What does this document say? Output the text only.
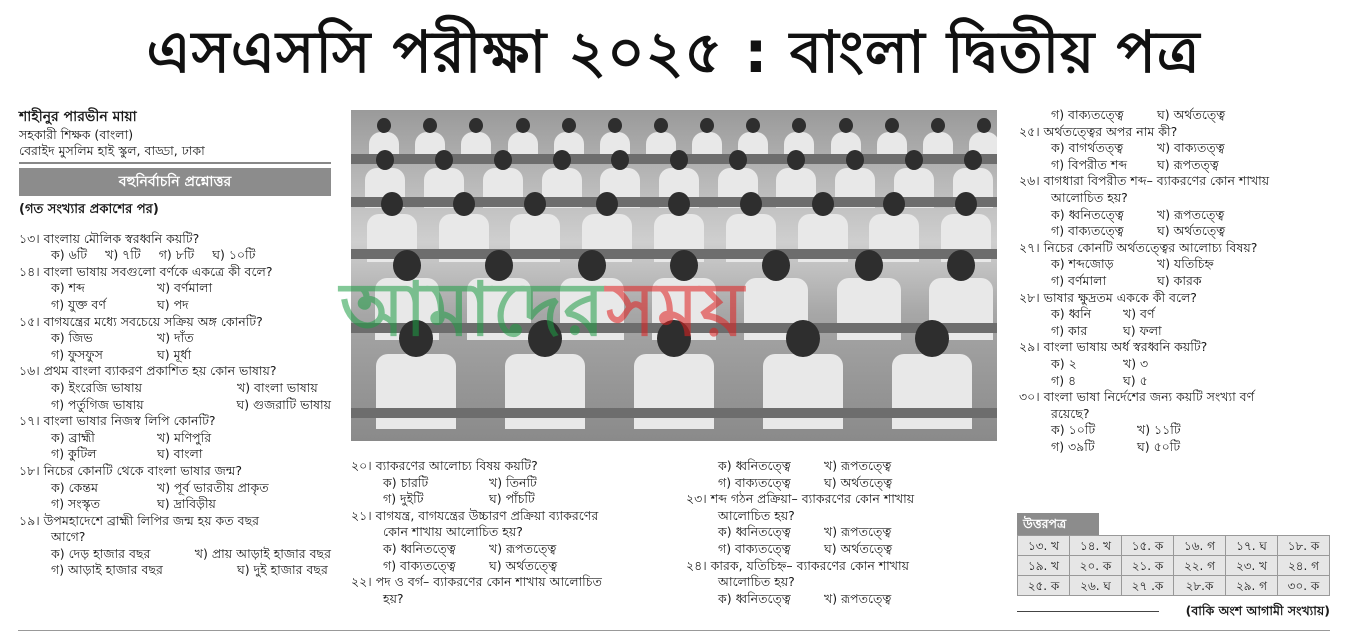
এসএসসি পরীক্ষা ২০২৫ : বাংলা দ্বিতীয় পত্র
শাহীনুর পারভীন মায়া
সহকারী শিক্ষক (বাংলা)
বেরাইদ মুসলিম হাই স্কুল, বাড্ডা, ঢাকা
বহুনির্বাচনি প্রশ্নোত্তর
(গত সংখ্যার প্রকাশের পর)
১৩। বাংলায় মৌলিক স্বরধ্বনি কয়টি?
ক) ৬টি খ) ৭টি গ) ৮টি ঘ) ১০টি
১৪। বাংলা ভাষায় সবগুলো বর্ণকে একত্রে কী বলে?
ক) শব্দ	খ) বর্ণমালা
গ) যুক্ত বর্ণ	ঘ) পদ
১৫। বাগযন্ত্রের মধ্যে সবচেয়ে সক্রিয় অঙ্গ কোনটি?
ক) জিভ	খ) দাঁত
গ) ফুসফুস	ঘ) মূর্ধা
১৬। প্রথম বাংলা ব্যাকরণ প্রকাশিত হয় কোন ভাষায়?
ক) ইংরেজি ভাষায়	খ) বাংলা ভাষায়
গ) পর্তুগিজ ভাষায়	ঘ) গুজরাটি ভাষায়
১৭। বাংলা ভাষার নিজস্ব লিপি কোনটি?
ক) ব্রাহ্মী	খ) মণিপুরি
গ) কুটিল	ঘ) বাংলা
১৮। নিচের কোনটি থেকে বাংলা ভাষার জন্ম?
ক) কেন্তম	খ) পূর্ব ভারতীয় প্রাকৃত
গ) সংস্কৃত	ঘ) দ্রাবিড়ীয়
১৯। উপমহাদেশে ব্রাহ্মী লিপির জন্ম হয় কত বছর
আগে?
ক) দেড় হাজার বছর	খ) প্রায় আড়াই হাজার বছর
গ) আড়াই হাজার বছর	ঘ) দুই হাজার বছর
আমাদেরসময়
২০। ব্যাকরণের আলোচ্য বিষয় কয়টি?
ক) চারটি	খ) তিনটি
গ) দুইটি	ঘ) পাঁচটি
২১। বাগযন্ত্র, বাগযন্ত্রের উচ্চারণ প্রক্রিয়া ব্যাকরণের
কোন শাখায় আলোচিত হয়?
ক) ধ্বনিতত্ত্বে	খ) রূপতত্ত্বে
গ) বাক্যতত্ত্বে	ঘ) অর্থতত্ত্বে
২২। পদ ও বর্গ– ব্যাকরণের কোন শাখায় আলোচিত
হয়?
ক) ধ্বনিতত্ত্বে	খ) রূপতত্ত্বে
গ) বাক্যতত্ত্বে	ঘ) অর্থতত্ত্বে
২৩। শব্দ গঠন প্রক্রিয়া– ব্যাকরণের কোন শাখায়
আলোচিত হয়?
ক) ধ্বনিতত্ত্বে	খ) রূপতত্ত্বে
গ) বাক্যতত্ত্বে	ঘ) অর্থতত্ত্বে
২৪। কারক, যতিচিহ্ন– ব্যাকরণের কোন শাখায়
আলোচিত হয়?
ক) ধ্বনিতত্ত্বে	খ) রূপতত্ত্বে
গ) বাক্যতত্ত্বে	ঘ) অর্থতত্ত্বে
২৫। অর্থতত্ত্বের অপর নাম কী?
ক) বাগর্থতত্ত্ব	খ) বাক্যতত্ত্ব
গ) বিপরীত শব্দ	ঘ) রূপতত্ত্ব
২৬। বাগধারা বিপরীত শব্দ– ব্যাকরণের কোন শাখায়
আলোচিত হয়?
ক) ধ্বনিতত্ত্বে	খ) রূপতত্ত্বে
গ) বাক্যতত্ত্বে	ঘ) অর্থতত্ত্বে
২৭। নিচের কোনটি অর্থতত্ত্বের আলোচ্য বিষয়?
ক) শব্দজোড়	খ) যতিচিহ্ন
গ) বর্ণমালা	ঘ) কারক
২৮। ভাষার ক্ষুদ্রতম এককে কী বলে?
ক) ধ্বনি	খ) বর্ণ
গ) কার	ঘ) ফলা
২৯। বাংলা ভাষায় অর্ধ স্বরধ্বনি কয়টি?
ক) ২	খ) ৩
গ) ৪	ঘ) ৫
৩০। বাংলা ভাষা নির্দেশের জন্য কয়টি সংখ্যা বর্ণ
রয়েছে?
ক) ১০টি	খ) ১১টি
গ) ৩৯টি	ঘ) ৫০টি
উত্তরপত্র
১৩. খ	১৪. খ	১৫. ক	১৬. গ	১৭. ঘ	১৮. ক
১৯. খ	২০. ক	২১. ক	২২. গ	২৩. খ	২৪. গ
২৫. ক	২৬. ঘ	২৭ .ক	২৮.ক	২৯. গ	৩০. ক
(বাকি অংশ আগামী সংখ্যায়)
